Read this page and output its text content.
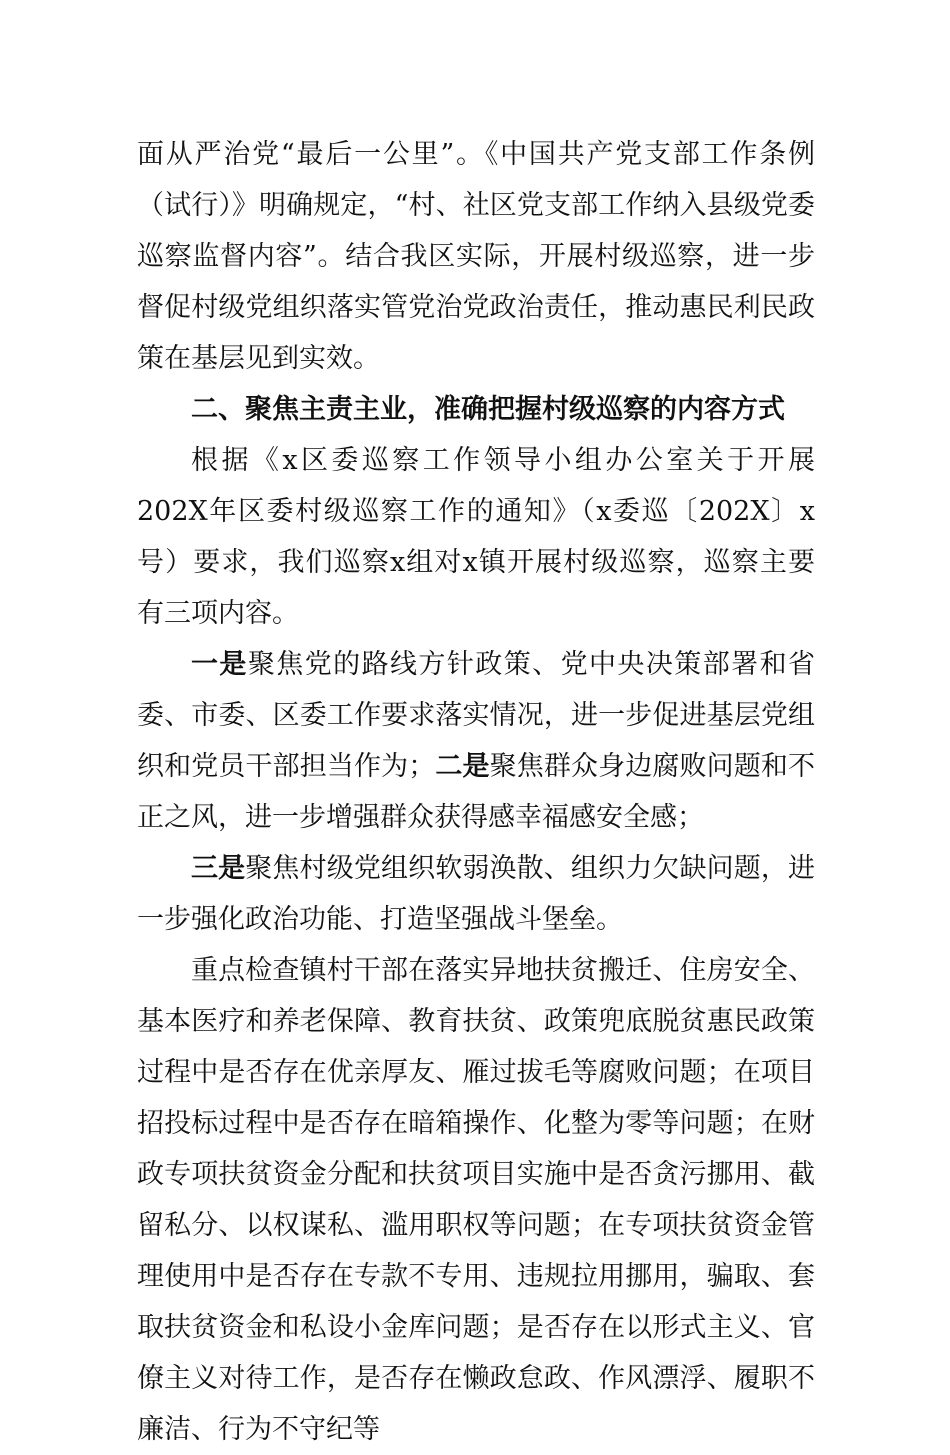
面从严治党“最后一公里”。《中国共产党支部工作条例（试行）》明确规定，“村、社区党支部工作纳入县级党委巡察监督内容”。结合我区实际，开展村级巡察，进一步督促村级党组织落实管党治党政治责任，推动惠民利民政策在基层见到实效。

二、聚焦主责主业，准确把握村级巡察的内容方式

根据《x区委巡察工作领导小组办公室关于开展202X年区委村级巡察工作的通知》（x委巡〔202X〕x号）要求，我们巡察x组对x镇开展村级巡察，巡察主要有三项内容。

一是聚焦党的路线方针政策、党中央决策部署和省委、市委、区委工作要求落实情况，进一步促进基层党组织和党员干部担当作为；二是聚焦群众身边腐败问题和不正之风，进一步增强群众获得感幸福感安全感；

三是聚焦村级党组织软弱涣散、组织力欠缺问题，进一步强化政治功能、打造坚强战斗堡垒。

重点检查镇村干部在落实异地扶贫搬迁、住房安全、基本医疗和养老保障、教育扶贫、政策兜底脱贫惠民政策过程中是否存在优亲厚友、雁过拔毛等腐败问题；在项目招投标过程中是否存在暗箱操作、化整为零等问题；在财政专项扶贫资金分配和扶贫项目实施中是否贪污挪用、截留私分、以权谋私、滥用职权等问题；在专项扶贫资金管理使用中是否存在专款不专用、违规拉用挪用，骗取、套取扶贫资金和私设小金库问题；是否存在以形式主义、官僚主义对待工作，是否存在懒政怠政、作风漂浮、履职不廉洁、行为不守纪等
